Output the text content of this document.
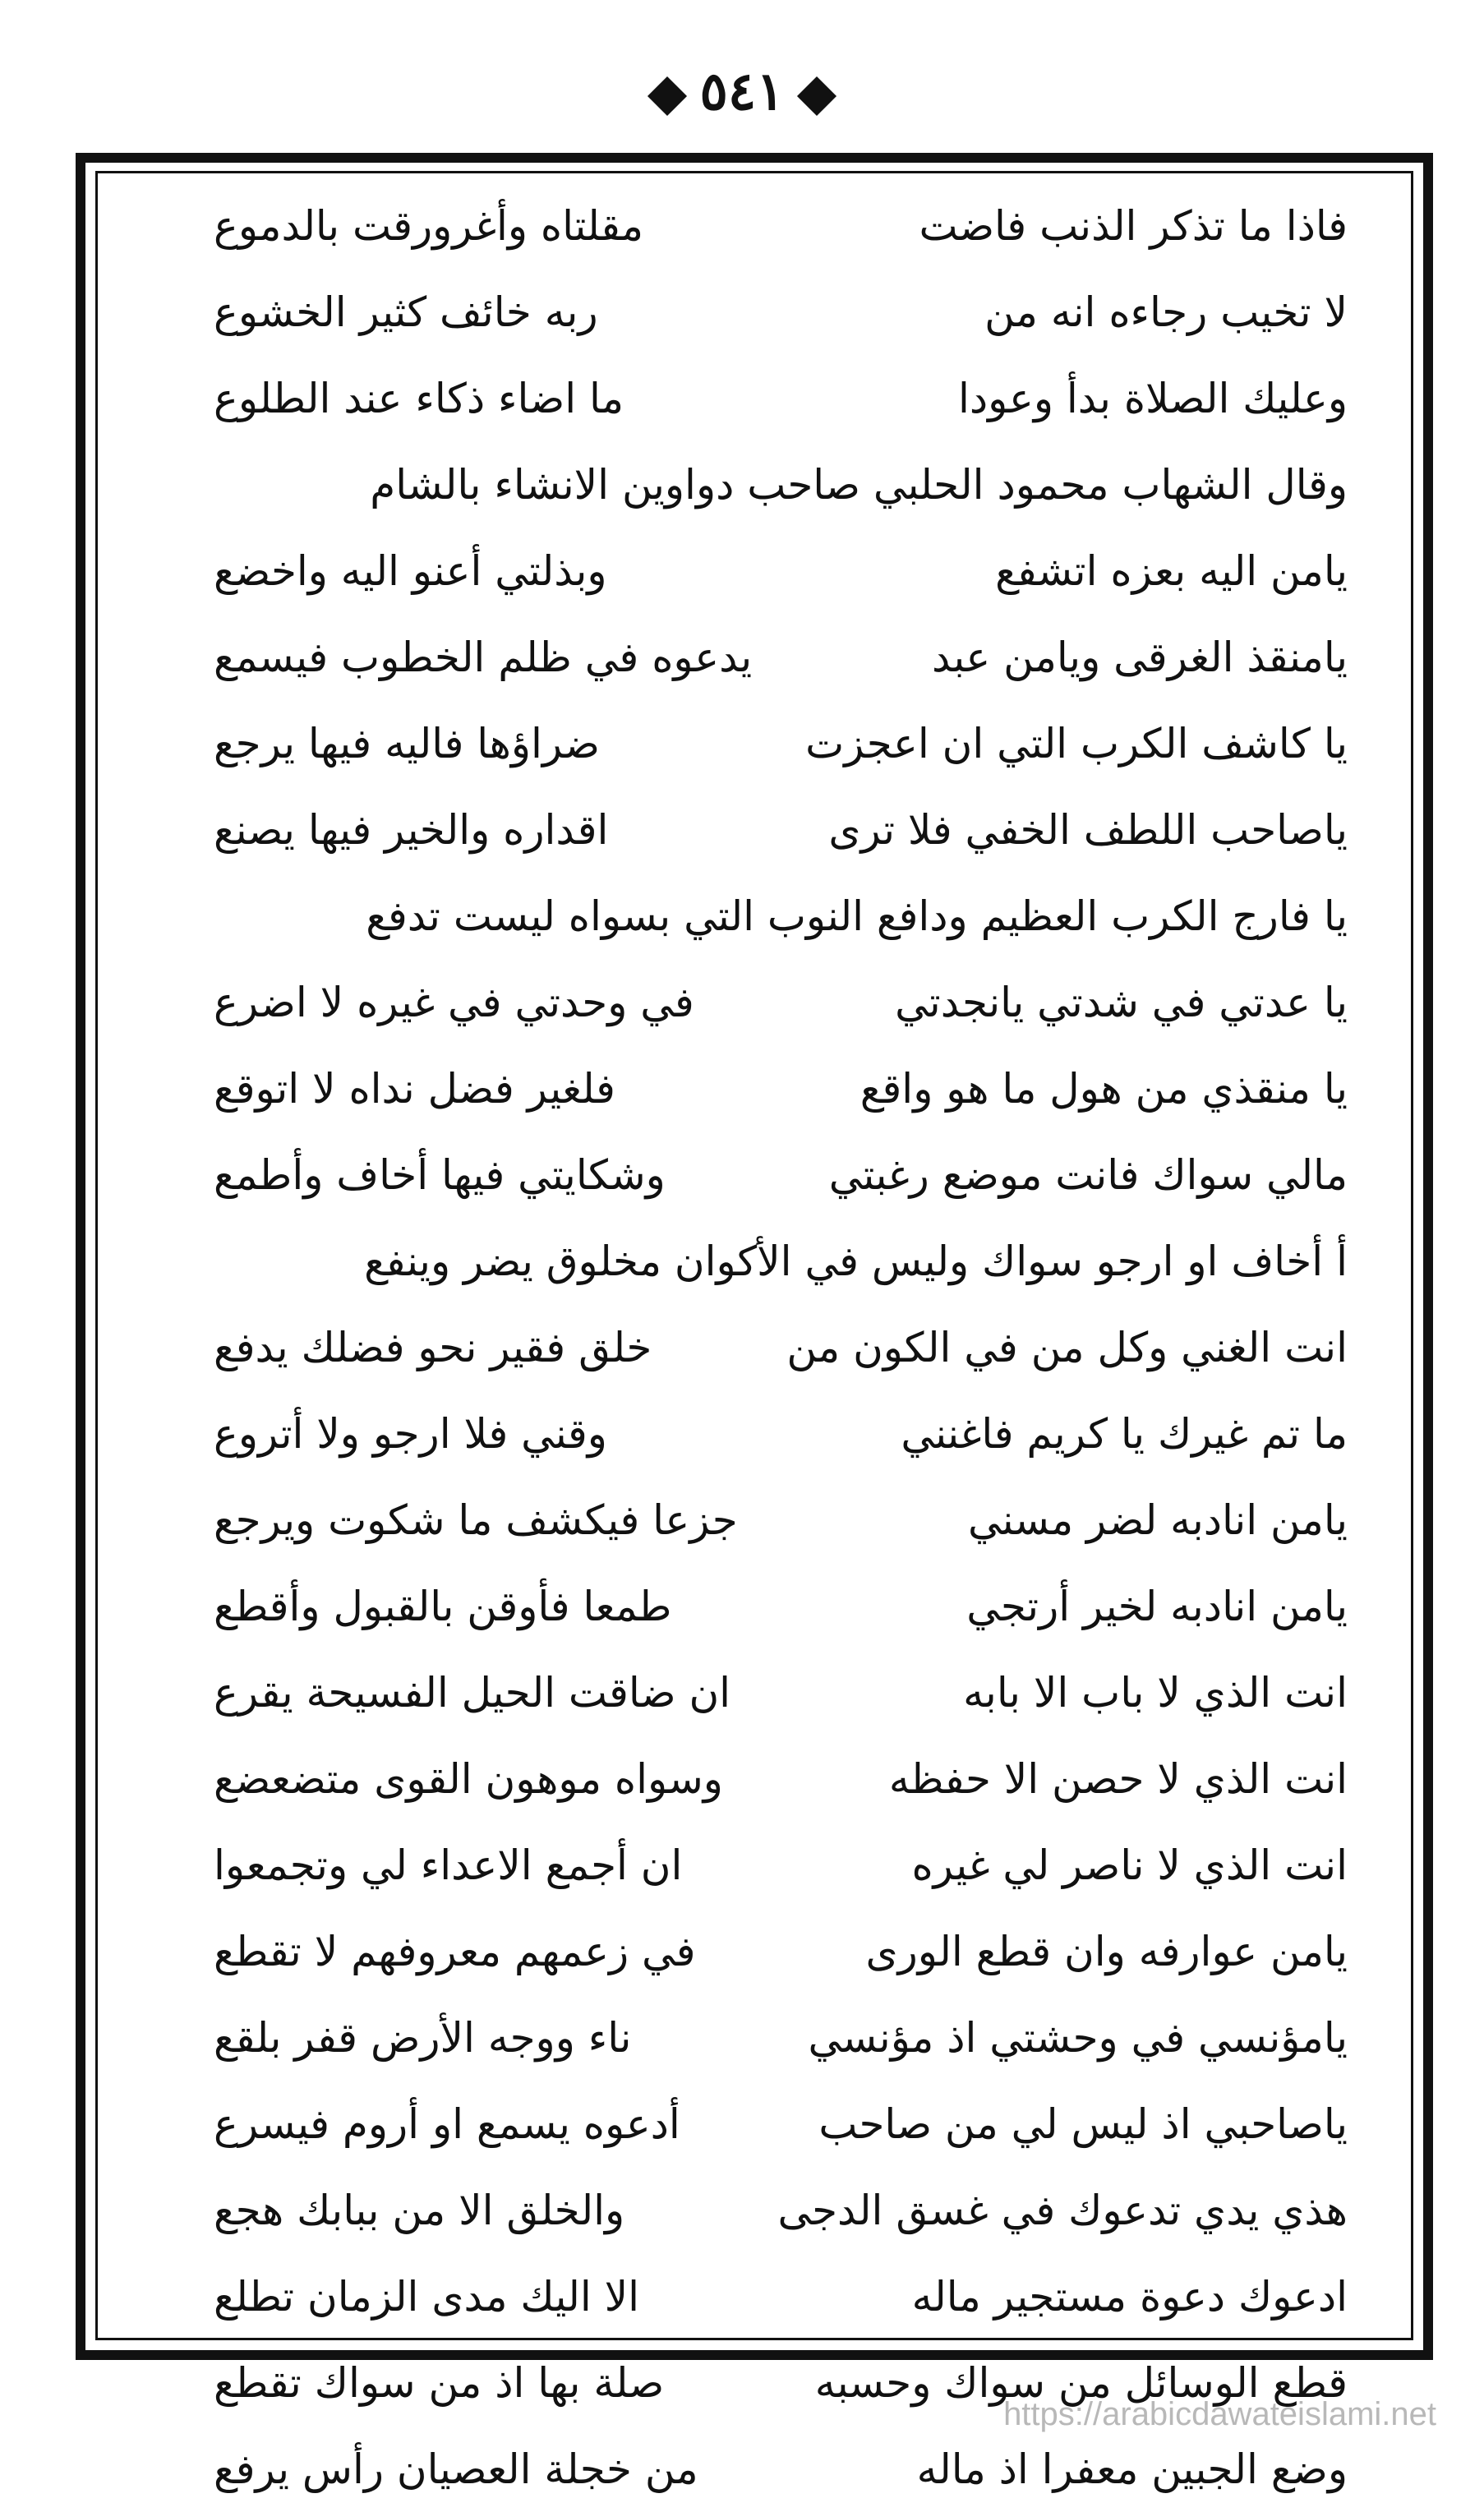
٥٤١
فاذا ما تذكر الذنب فاضت
مقلتاه وأغرورقت بالدموع
لا تخيب رجاءه انه من
ربه خائف كثير الخشوع
وعليك الصلاة بدأ وعودا
ما اضاء ذكاء عند الطلوع
وقال الشهاب محمود الحلبي صاحب دواوين الانشاء بالشام
يامن اليه بعزه اتشفع
وبذلتي أعنو اليه واخضع
يامنقذ الغرقى ويامن عبد
يدعوه في ظلم الخطوب فيسمع
يا كاشف الكرب التي ان اعجزت
ضراؤها فاليه فيها يرجع
ياصاحب اللطف الخفي فلا ترى
اقداره والخير فيها يصنع
يا فارج الكرب العظيم ودافع النوب التي بسواه ليست تدفع
يا عدتي في شدتي يانجدتي
في وحدتي في غيره لا اضرع
يا منقذي من هول ما هو واقع
فلغير فضل نداه لا اتوقع
مالي سواك فانت موضع رغبتي
وشكايتي فيها أخاف وأطمع
أ أخاف او ارجو سواك وليس في الأكوان مخلوق يضر وينفع
انت الغني وكل من في الكون من
خلق فقير نحو فضلك يدفع
ما تم غيرك يا كريم فاغنني
وقني فلا ارجو ولا أتروع
يامن انادبه لضر مسني
جزعا فيكشف ما شكوت ويرجع
يامن انادبه لخير أرتجي
طمعا فأوقن بالقبول وأقطع
انت الذي لا باب الا بابه
ان ضاقت الحيل الفسيحة يقرع
انت الذي لا حصن الا حفظه
وسواه موهون القوى متضعضع
انت الذي لا ناصر لي غيره
ان أجمع الاعداء لي وتجمعوا
يامن عوارفه وان قطع الورى
في زعمهم معروفهم لا تقطع
يامؤنسي في وحشتي اذ مؤنسي
ناء ووجه الأرض قفر بلقع
ياصاحبي اذ ليس لي من صاحب
أدعوه يسمع او أروم فيسرع
هذي يدي تدعوك في غسق الدجى
والخلق الا من ببابك هجع
ادعوك دعوة مستجير ماله
الا اليك مدى الزمان تطلع
قطع الوسائل من سواك وحسبه
صلة بها اذ من سواك تقطع
وضع الجبين معفرا اذ ماله
من خجلة العصيان رأس يرفع
https://arabicdawateislami.net
